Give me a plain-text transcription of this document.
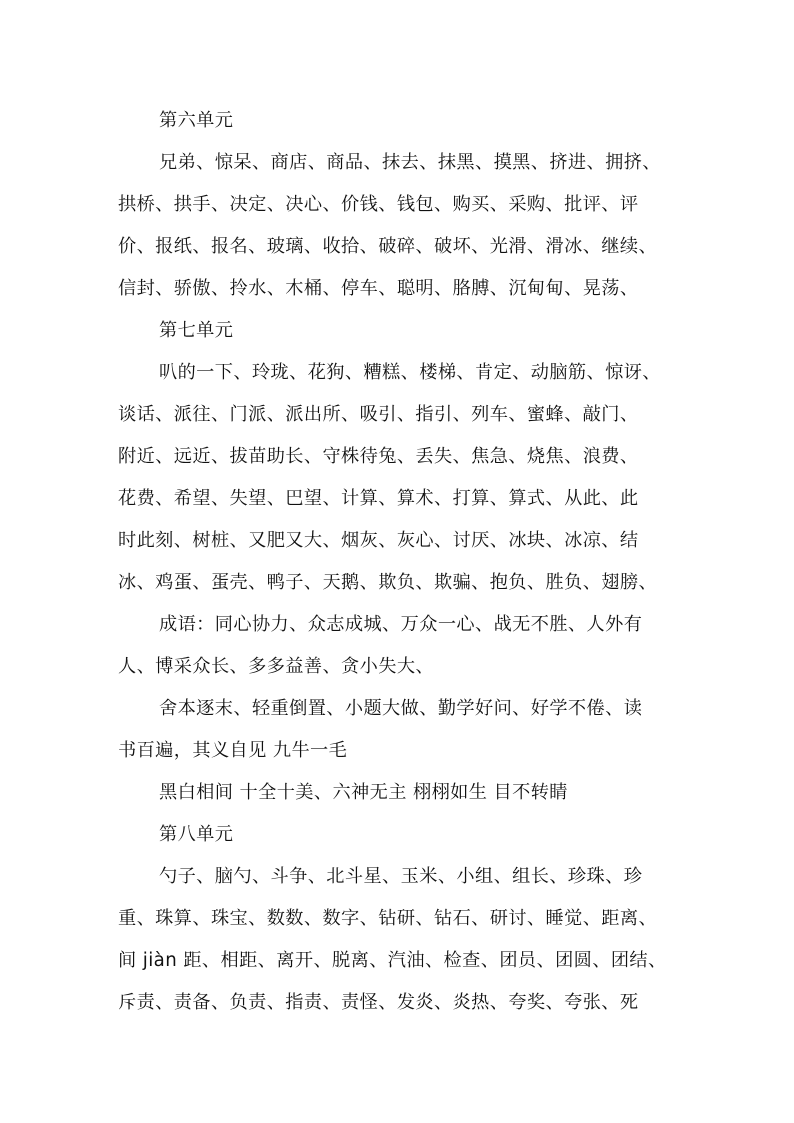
第六单元
兄弟、惊呆、商店、商品、抹去、抹黑、摸黑、挤进、拥挤、
拱桥、拱手、决定、决心、价钱、钱包、购买、采购、批评、评
价、报纸、报名、玻璃、收拾、破碎、破坏、光滑、滑冰、继续、
信封、骄傲、拎水、木桶、停车、聪明、胳膊、沉甸甸、晃荡、
第七单元
叭的一下、玲珑、花狗、糟糕、楼梯、肯定、动脑筋、惊讶、
谈话、派往、门派、派出所、吸引、指引、列车、蜜蜂、敲门、
附近、远近、拔苗助长、守株待兔、丢失、焦急、烧焦、浪费、
花费、希望、失望、巴望、计算、算术、打算、算式、从此、此
时此刻、树桩、又肥又大、烟灰、灰心、讨厌、冰块、冰凉、结
冰、鸡蛋、蛋壳、鸭子、天鹅、欺负、欺骗、抱负、胜负、翅膀、
成语：同心协力、众志成城、万众一心、战无不胜、人外有
人、博采众长、多多益善、贪小失大、
舍本逐末、轻重倒置、小题大做、勤学好问、好学不倦、读
书百遍，其义自见 九牛一毛
黑白相间 十全十美、六神无主 栩栩如生 目不转睛
第八单元
勺子、脑勺、斗争、北斗星、玉米、小组、组长、珍珠、珍
重、珠算、珠宝、数数、数字、钻研、钻石、研讨、睡觉、距离、
间 jiàn 距、相距、离开、脱离、汽油、检查、团员、团圆、团结、
斥责、责备、负责、指责、责怪、发炎、炎热、夸奖、夸张、死
